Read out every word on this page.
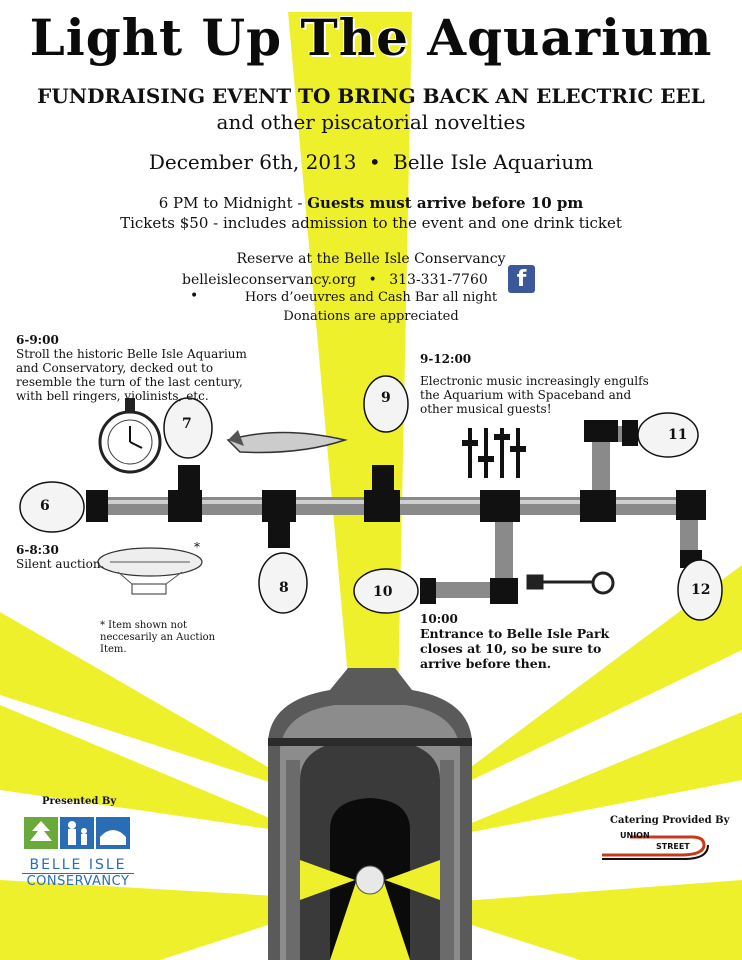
Light Up The Aquarium
FUNDRAISING EVENT TO BRING BACK AN ELECTRIC EEL
and other piscatorial novelties
December 6th, 2013 • Belle Isle Aquarium
6 PM to Midnight - Guests must arrive before 10 pm
Tickets $50 - includes admission to the event and one drink ticket
Reserve at the Belle Isle Conservancy
belleisleconservancy.org • 313-331-7760 •
f
Hors d’oeuvres and Cash Bar all night
Donations are appreciated
6-9:00
Stroll the historic Belle Isle Aquarium and Conservatory, decked out to resemble the turn of the last century, with bell ringers, violinists, etc.
9-12:00
Electronic music increasingly engulfs the Aquarium with Spaceband and other musical guests!
6-8:30
Silent auction.
*
* Item shown not neccesarily an Auction Item.
10:00
Entrance to Belle Isle Park closes at 10, so be sure to arrive before then.
6
7
8
9
10
11
12
Presented By
BELLE ISLE
CONSERVANCY
Catering Provided By
UNION
STREET
